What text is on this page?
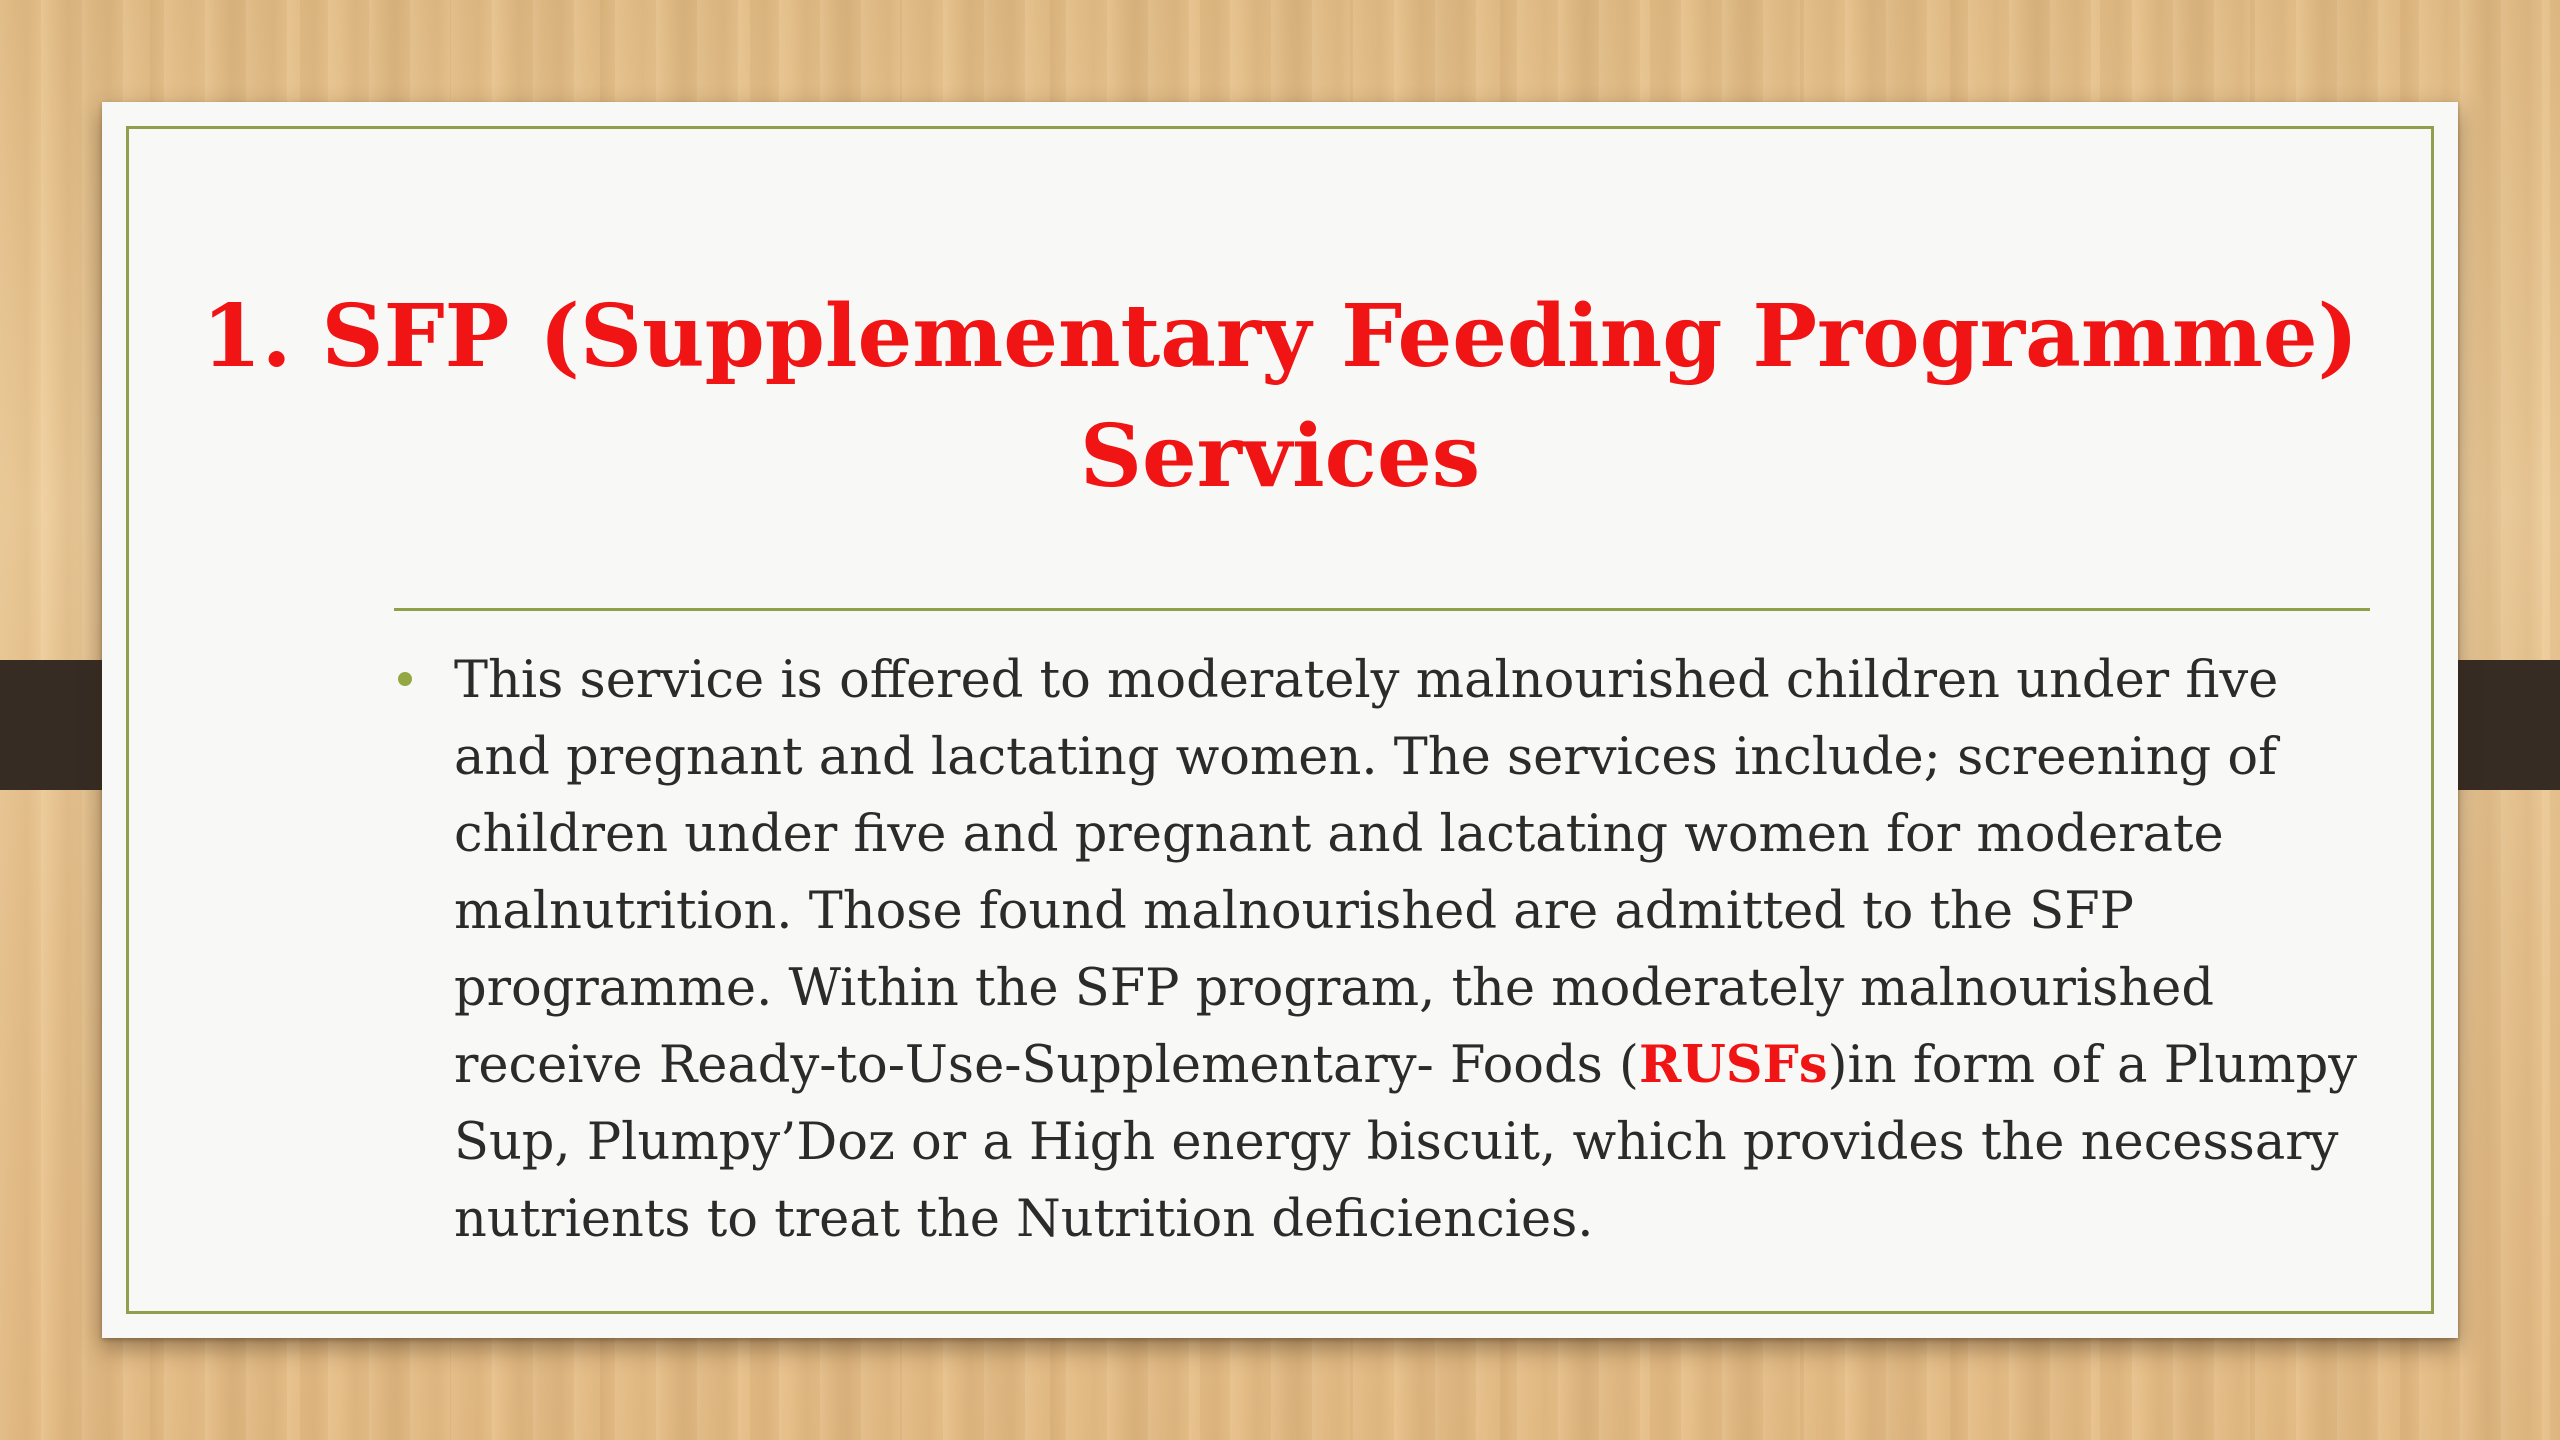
1. SFP (Supplementary Feeding Programme)
Services
This service is offered to moderately malnourished children under five and pregnant and lactating women. The services include; screening of children under five and pregnant and lactating women for moderate malnutrition. Those found malnourished are admitted to the SFP programme. Within the SFP program, the moderately malnourished receive Ready-to-Use-Supplementary- Foods (RUSFs)in form of a Plumpy Sup, Plumpy’Doz or a High energy biscuit, which provides the necessary nutrients to treat the Nutrition deficiencies.
